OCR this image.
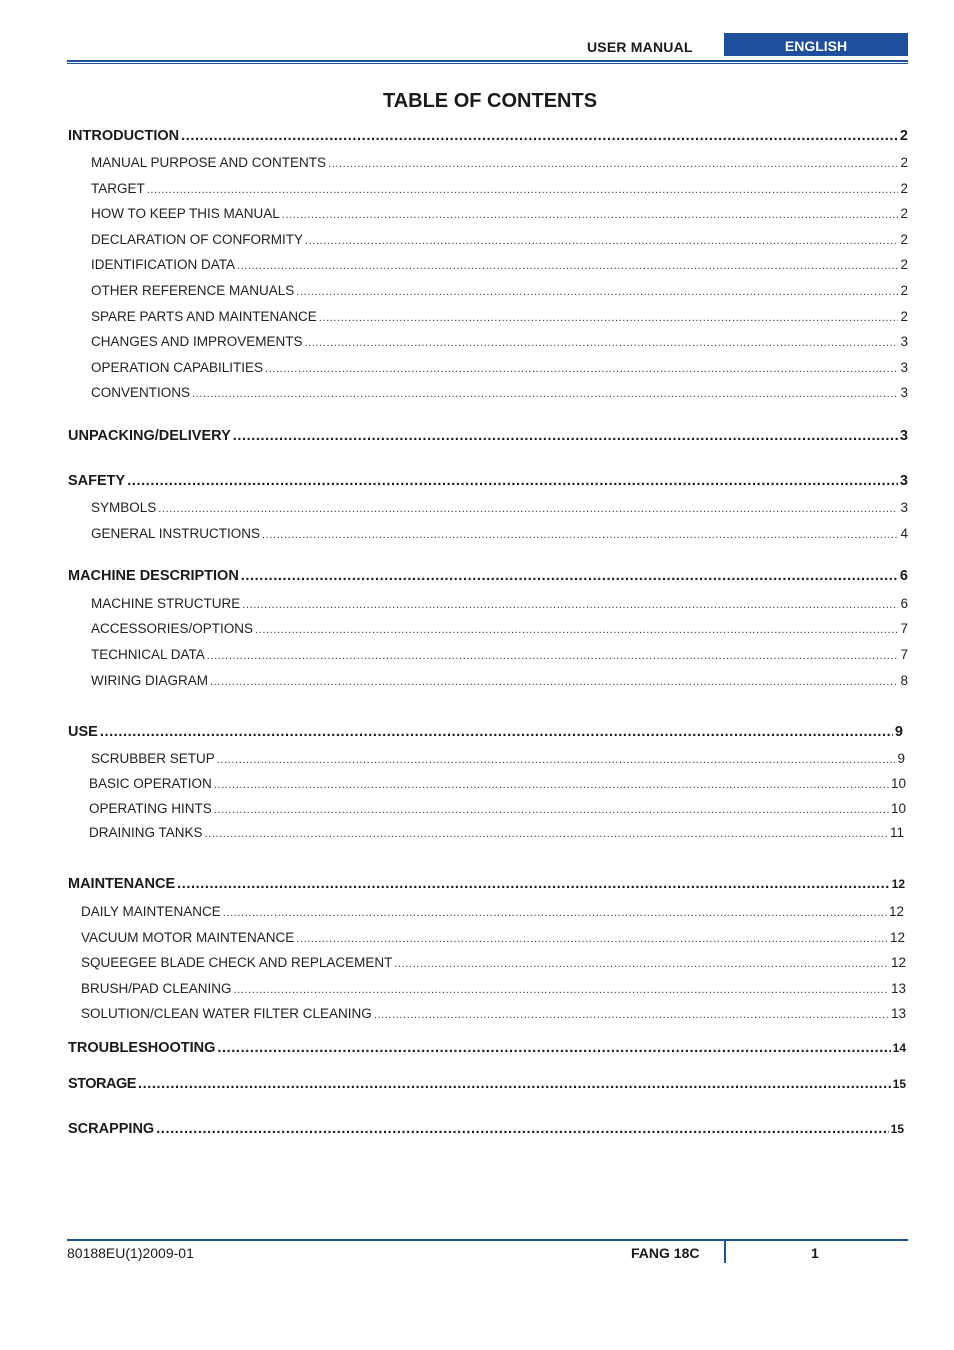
USER MANUAL	ENGLISH
TABLE OF CONTENTS
INTRODUCTION .....	2
MANUAL PURPOSE AND CONTENTS .....	2
TARGET .....	2
HOW TO KEEP THIS MANUAL .....	2
DECLARATION OF CONFORMITY .....	2
IDENTIFICATION DATA .....	2
OTHER REFERENCE MANUALS .....	2
SPARE PARTS AND MAINTENANCE .....	2
CHANGES AND IMPROVEMENTS .....	3
OPERATION CAPABILITIES .....	3
CONVENTIONS .....	3
UNPACKING/DELIVERY .....	3
SAFETY .....	3
SYMBOLS .....	3
GENERAL INSTRUCTIONS .....	4
MACHINE DESCRIPTION .....	6
MACHINE STRUCTURE .....	6
ACCESSORIES/OPTIONS .....	7
TECHNICAL DATA .....	7
WIRING DIAGRAM .....	8
USE .....	9
SCRUBBER SETUP .....	9
BASIC OPERATION .....	10
OPERATING HINTS .....	10
DRAINING TANKS .....	11
MAINTENANCE .....	12
DAILY MAINTENANCE .....	12
VACUUM MOTOR MAINTENANCE .....	12
SQUEEGEE BLADE CHECK AND REPLACEMENT .....	12
BRUSH/PAD CLEANING .....	13
SOLUTION/CLEAN WATER FILTER CLEANING .....	13
TROUBLESHOOTING .....	14
STORAGE .....	15
SCRAPPING .....	15
80188EU(1)2009-01	FANG 18C	1
